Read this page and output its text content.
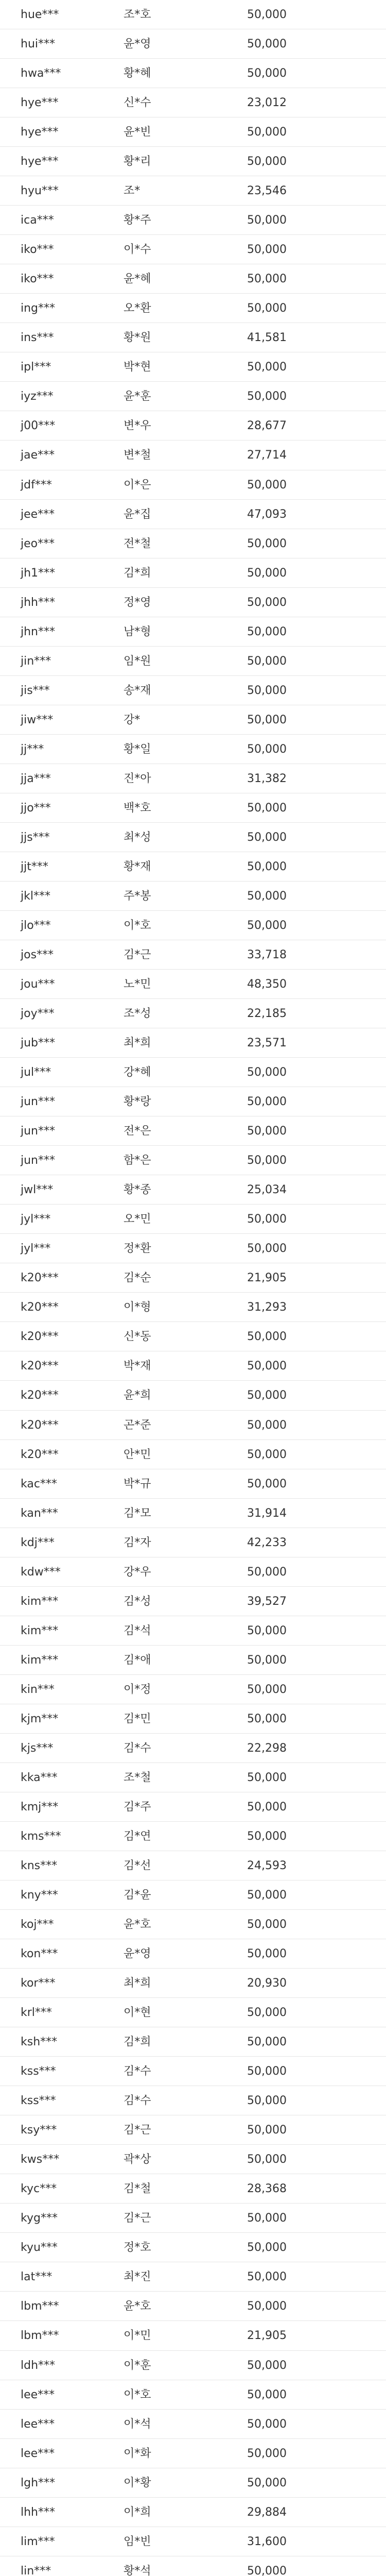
hue***	조*호	50,000
hui***	윤*영	50,000
hwa***	황*혜	50,000
hye***	신*수	23,012
hye***	윤*빈	50,000
hye***	황*리	50,000
hyu***	조*	23,546
ica***	황*주	50,000
iko***	이*수	50,000
iko***	윤*혜	50,000
ing***	오*환	50,000
ins***	황*원	41,581
ipl***	박*현	50,000
iyz***	윤*훈	50,000
j00***	변*우	28,677
jae***	변*철	27,714
jdf***	이*은	50,000
jee***	윤*집	47,093
jeo***	전*철	50,000
jh1***	김*희	50,000
jhh***	정*영	50,000
jhn***	남*형	50,000
jin***	임*원	50,000
jis***	송*재	50,000
jiw***	강*	50,000
jj***	황*일	50,000
jja***	진*아	31,382
jjo***	백*호	50,000
jjs***	최*성	50,000
jjt***	황*재	50,000
jkl***	주*봉	50,000
jlo***	이*호	50,000
jos***	김*근	33,718
jou***	노*민	48,350
joy***	조*성	22,185
jub***	최*희	23,571
jul***	강*혜	50,000
jun***	황*랑	50,000
jun***	전*은	50,000
jun***	함*은	50,000
jwl***	황*종	25,034
jyl***	오*민	50,000
jyl***	정*환	50,000
k20***	김*순	21,905
k20***	이*형	31,293
k20***	신*동	50,000
k20***	박*재	50,000
k20***	윤*희	50,000
k20***	곤*준	50,000
k20***	안*민	50,000
kac***	박*규	50,000
kan***	김*모	31,914
kdj***	김*자	42,233
kdw***	강*우	50,000
kim***	김*성	39,527
kim***	김*석	50,000
kim***	김*애	50,000
kin***	이*정	50,000
kjm***	김*민	50,000
kjs***	김*수	22,298
kka***	조*철	50,000
kmj***	김*주	50,000
kms***	김*연	50,000
kns***	김*선	24,593
kny***	김*윤	50,000
koj***	윤*호	50,000
kon***	윤*영	50,000
kor***	최*희	20,930
krl***	이*현	50,000
ksh***	김*희	50,000
kss***	김*수	50,000
kss***	김*수	50,000
ksy***	김*근	50,000
kws***	곽*상	50,000
kyc***	김*철	28,368
kyg***	김*근	50,000
kyu***	정*호	50,000
lat***	최*진	50,000
lbm***	윤*호	50,000
lbm***	이*민	21,905
ldh***	이*훈	50,000
lee***	이*호	50,000
lee***	이*석	50,000
lee***	이*화	50,000
lgh***	이*황	50,000
lhh***	이*희	29,884
lim***	임*빈	31,600
lin***	황*석	50,000
